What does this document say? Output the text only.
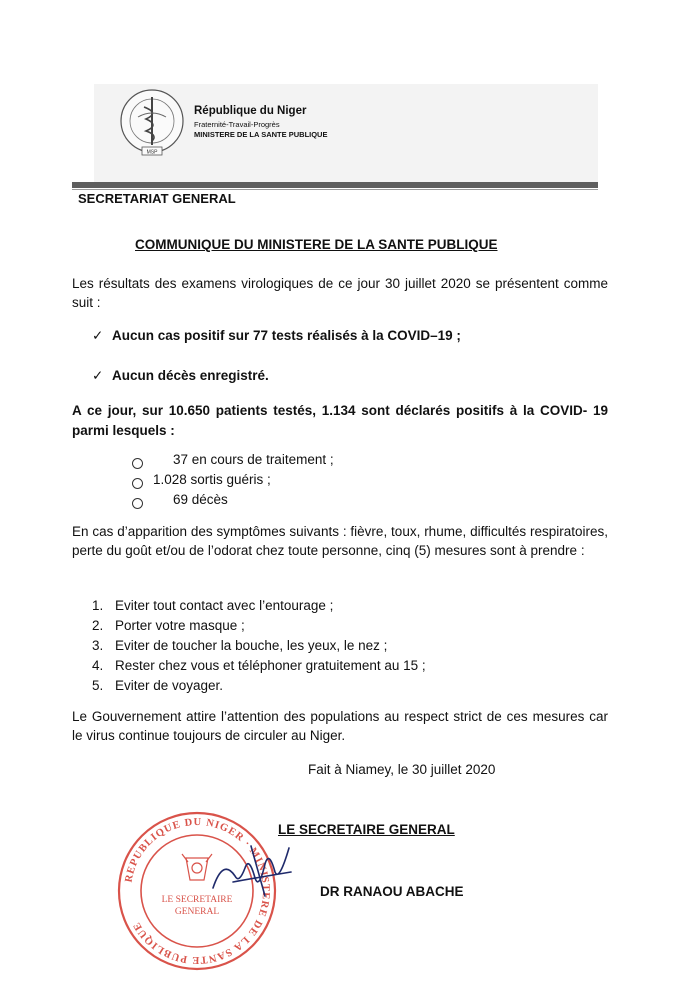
MSP
République du Niger
Fraternité-Travail-Progrès
MINISTERE DE LA SANTE PUBLIQUE
SECRETARIAT GENERAL
COMMUNIQUE DU MINISTERE DE LA SANTE PUBLIQUE
Les résultats des examens virologiques de ce jour 30 juillet 2020 se présentent comme suit :
✓ Aucun cas positif sur 77 tests réalisés à la COVID–19 ;
✓ Aucun décès enregistré.
A ce jour, sur 10.650 patients testés, 1.134 sont déclarés positifs à la COVID- 19 parmi lesquels :
37 en cours de traitement ;
1.028 sortis guéris ;
69 décès
En cas d’apparition des symptômes suivants : fièvre, toux, rhume, difficultés respiratoires, perte du goût et/ou de l’odorat chez toute personne, cinq (5) mesures sont à prendre :
1. Eviter tout contact avec l’entourage ;
2. Porter votre masque ;
3. Eviter de toucher la bouche, les yeux, le nez ;
4. Rester chez vous et téléphoner gratuitement au 15 ;
5. Eviter de voyager.
Le Gouvernement attire l’attention des populations au respect strict de ces mesures car le virus continue toujours de circuler au Niger.
Fait à Niamey, le 30 juillet 2020
REPUBLIQUE DU NIGER · MINISTERE DE LA SANTE PUBLIQUE
LE SECRETAIRE
GENERAL
LE SECRETAIRE GENERAL
DR RANAOU ABACHE
